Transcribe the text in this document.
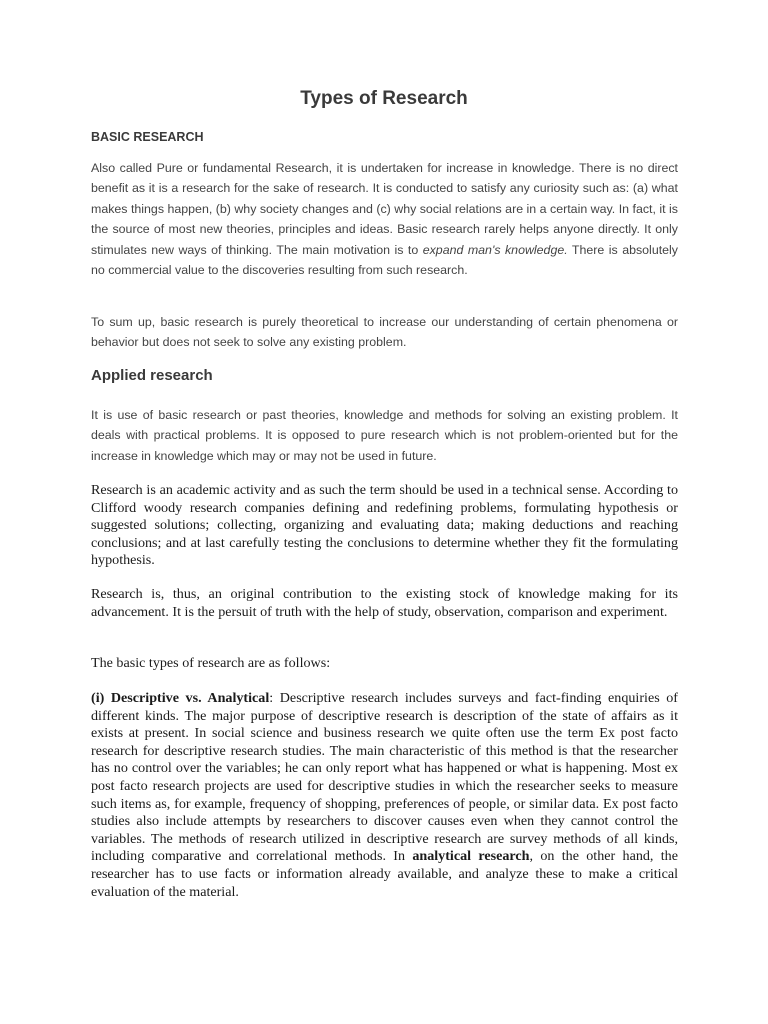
Types of Research
BASIC RESEARCH

Also called Pure or fundamental Research, it is undertaken for increase in knowledge. There is no direct benefit as it is a research for the sake of research. It is conducted to satisfy any curiosity such as: (a) what makes things happen, (b) why society changes and (c) why social relations are in a certain way. In fact, it is the source of most new theories, principles and ideas. Basic research rarely helps anyone directly. It only stimulates new ways of thinking. The main motivation is to expand man's knowledge. There is absolutely no commercial value to the discoveries resulting from such research.

To sum up, basic research is purely theoretical to increase our understanding of certain phenomena or behavior but does not seek to solve any existing problem.

Applied research

It is use of basic research or past theories, knowledge and methods for solving an existing problem. It deals with practical problems. It is opposed to pure research which is not problem-oriented but for the increase in knowledge which may or may not be used in future.

Research is an academic activity and as such the term should be used in a technical sense. According to Clifford woody research companies defining and redefining problems, formulating hypothesis or suggested solutions; collecting, organizing and evaluating data; making deductions and reaching conclusions; and at last carefully testing the conclusions to determine whether they fit the formulating hypothesis.

Research is, thus, an original contribution to the existing stock of knowledge making for its advancement. It is the persuit of truth with the help of study, observation, comparison and experiment.

The basic types of research are as follows:

(i) Descriptive vs. Analytical: Descriptive research includes surveys and fact-finding enquiries of different kinds. The major purpose of descriptive research is description of the state of affairs as it exists at present. In social science and business research we quite often use the term Ex post facto research for descriptive research studies. The main characteristic of this method is that the researcher has no control over the variables; he can only report what has happened or what is happening. Most ex post facto research projects are used for descriptive studies in which the researcher seeks to measure such items as, for example, frequency of shopping, preferences of people, or similar data. Ex post facto studies also include attempts by researchers to discover causes even when they cannot control the variables. The methods of research utilized in descriptive research are survey methods of all kinds, including comparative and correlational methods. In analytical research, on the other hand, the researcher has to use facts or information already available, and analyze these to make a critical evaluation of the material.
